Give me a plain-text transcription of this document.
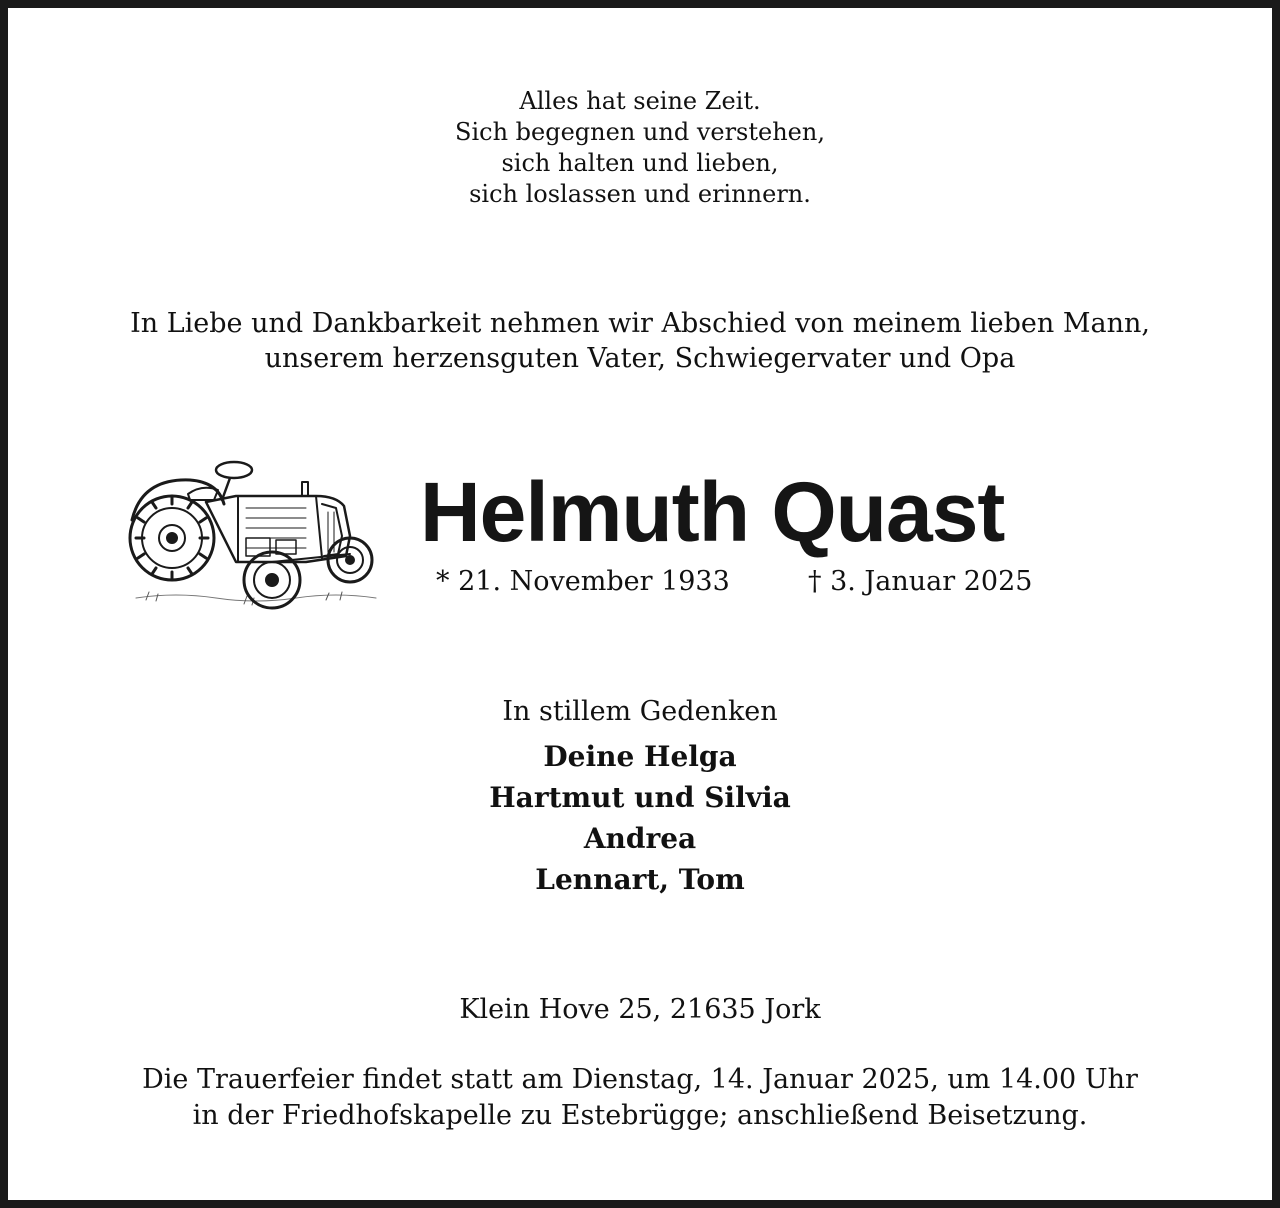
Alles hat seine Zeit.
Sich begegnen und verstehen,
sich halten und lieben,
sich loslassen und erinnern.
In Liebe und Dankbarkeit nehmen wir Abschied von meinem lieben Mann,
unserem herzensguten Vater, Schwiegervater und Opa
Helmuth Quast
* 21. November 1933	† 3. Januar 2025
In stillem Gedenken
Deine Helga
Hartmut und Silvia
Andrea
Lennart, Tom
Klein Hove 25, 21635 Jork
Die Trauerfeier findet statt am Dienstag, 14. Januar 2025, um 14.00 Uhr
in der Friedhofskapelle zu Estebrügge; anschließend Beisetzung.
